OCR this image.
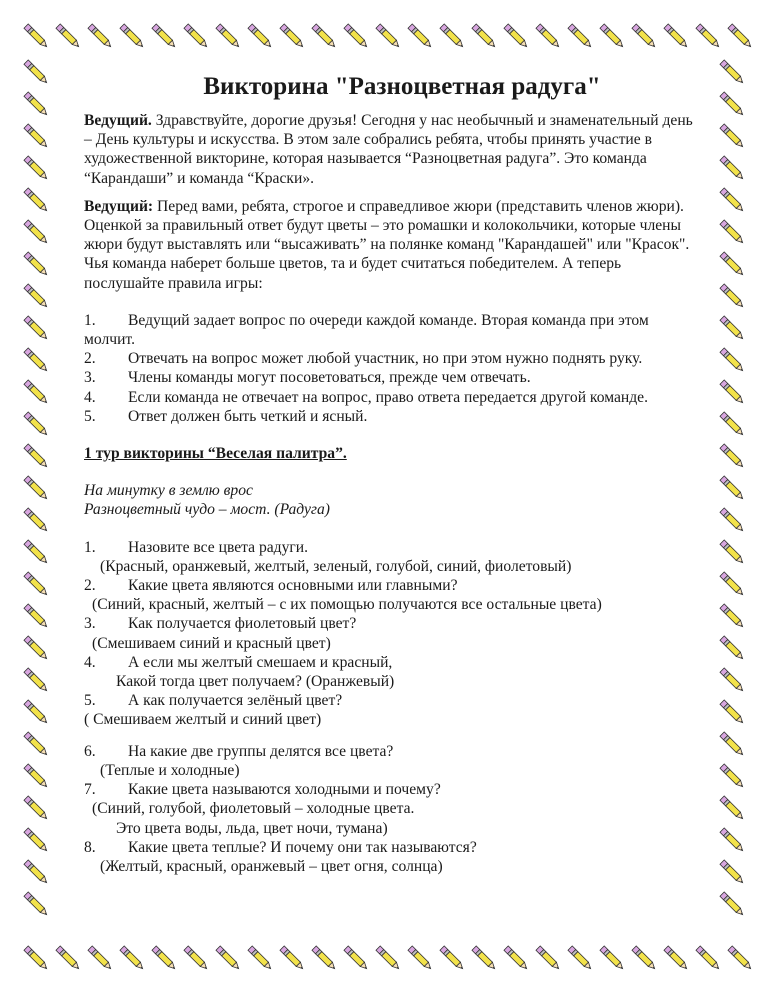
Викторина "Разноцветная радуга"

Ведущий. Здравствуйте, дорогие друзья! Сегодня у нас необычный и знаменательный день – День культуры и искусства. В этом зале собрались ребята, чтобы принять участие в художественной викторине, которая называется “Разноцветная радуга”. Это команда “Карандаши” и команда “Краски».

Ведущий: Перед вами, ребята, строгое и справедливое жюри (представить членов жюри). Оценкой за правильный ответ будут цветы – это ромашки и колокольчики, которые члены жюри будут выставлять или “высаживать” на полянке команд "Карандашей" или "Красок". Чья команда наберет больше цветов, та и будет считаться победителем. А теперь послушайте правила игры:

1. Ведущий задает вопрос по очереди каждой команде. Вторая команда при этом молчит.

2. Отвечать на вопрос может любой участник, но при этом нужно поднять руку.

3. Члены команды могут посоветоваться, прежде чем отвечать.

4. Если команда не отвечает на вопрос, право ответа передается другой команде.

5. Ответ должен быть четкий и ясный.

1 тур викторины “Веселая палитра”.

На минутку в землю врос

Разноцветный чудо – мост. (Радуга)

1. Назовите все цвета радуги.

(Красный, оранжевый, желтый, зеленый, голубой, синий, фиолетовый)

2. Какие цвета являются основными или главными?

(Синий, красный, желтый – с их помощью получаются все остальные цвета)

3. Как получается фиолетовый цвет?

(Смешиваем синий и красный цвет)

4. А если мы желтый смешаем и красный,

Какой тогда цвет получаем? (Оранжевый)

5. А как получается зелёный цвет?

( Смешиваем желтый и синий цвет)

6. На какие две группы делятся все цвета?

(Теплые и холодные)

7. Какие цвета называются холодными и почему?

(Синий, голубой, фиолетовый – холодные цвета.

Это цвета воды, льда, цвет ночи, тумана)

8. Какие цвета теплые? И почему они так называются?

(Желтый, красный, оранжевый – цвет огня, солнца)
